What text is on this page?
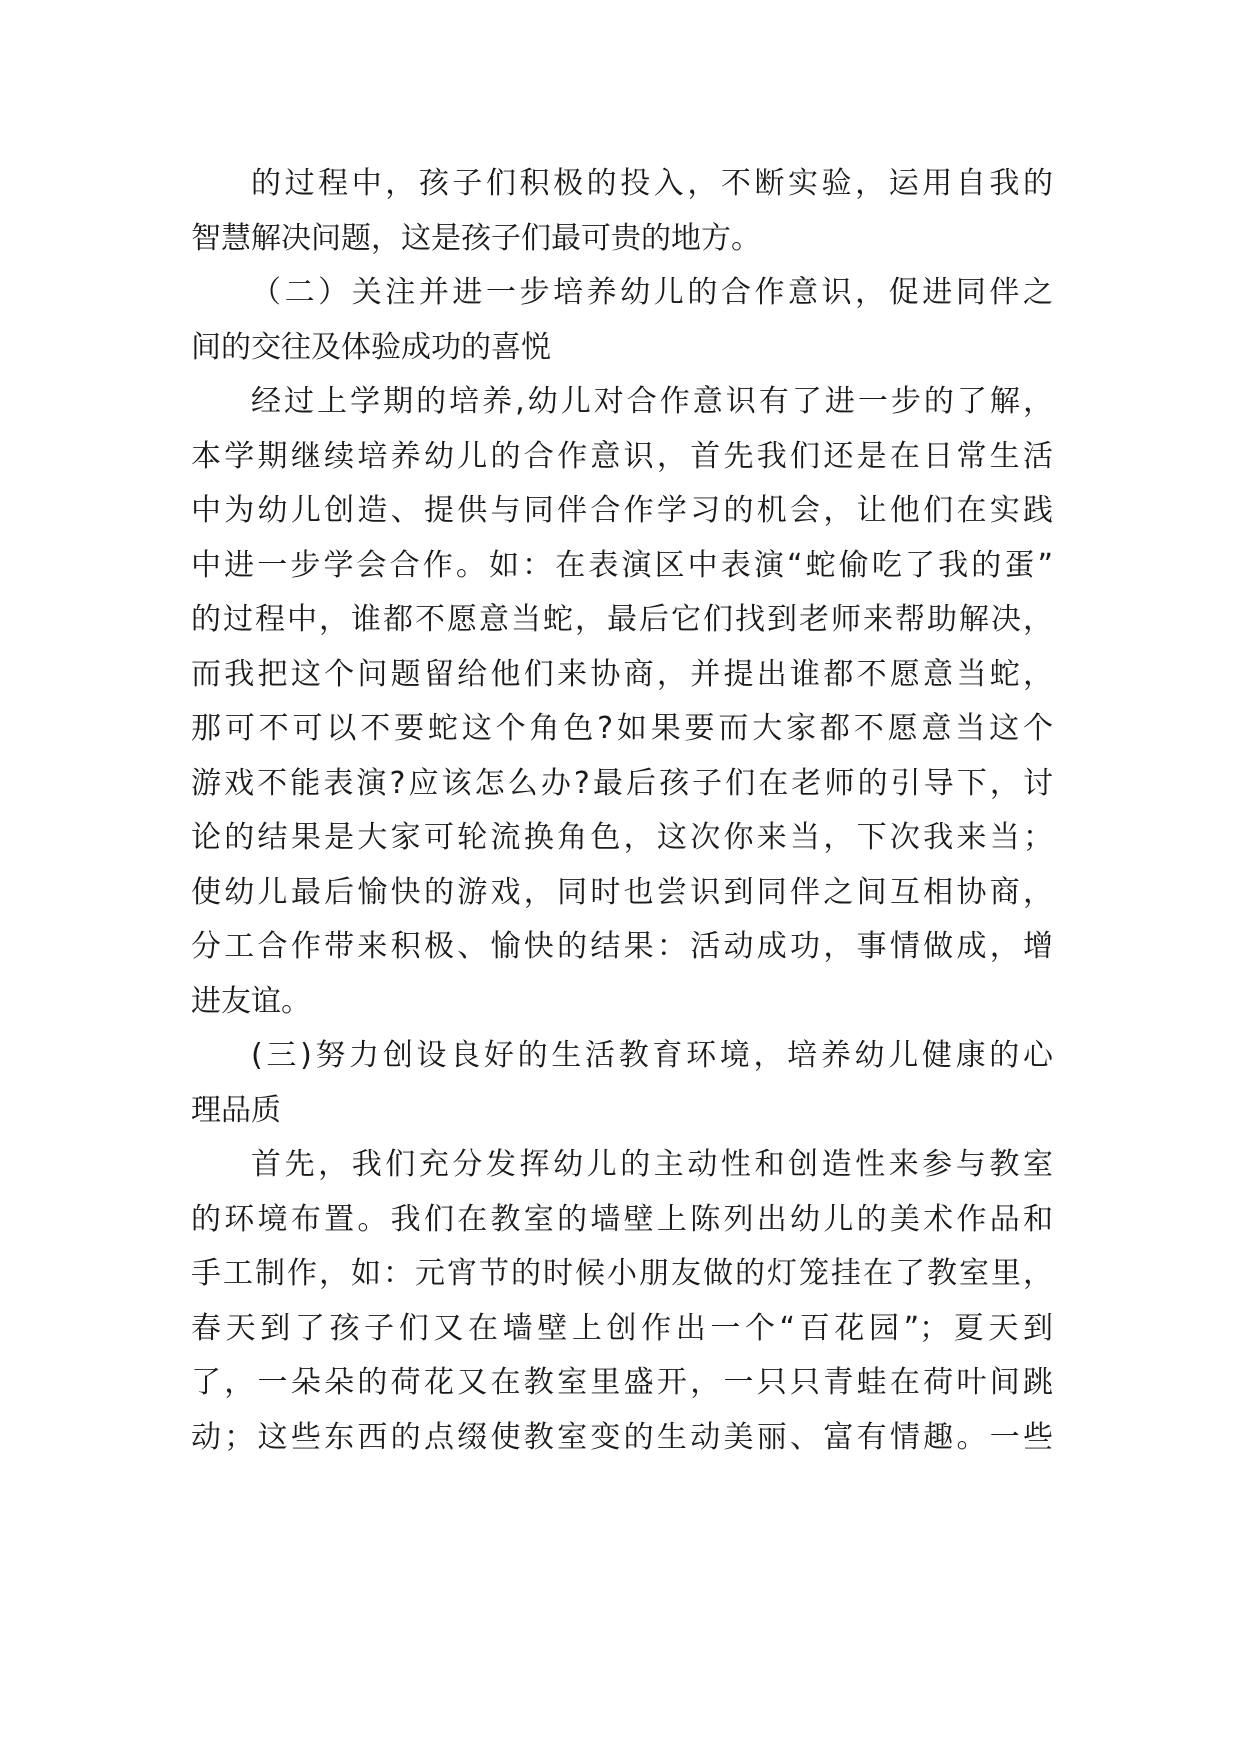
的过程中，孩子们积极的投入，不断实验，运用自我的
智慧解决问题，这是孩子们最可贵的地方。
（二）关注并进一步培养幼儿的合作意识，促进同伴之
间的交往及体验成功的喜悦
经过上学期的培养,幼儿对合作意识有了进一步的了解，
本学期继续培养幼儿的合作意识，首先我们还是在日常生活
中为幼儿创造、提供与同伴合作学习的机会，让他们在实践
中进一步学会合作。如：在表演区中表演“蛇偷吃了我的蛋”
的过程中，谁都不愿意当蛇，最后它们找到老师来帮助解决，
而我把这个问题留给他们来协商，并提出谁都不愿意当蛇，
那可不可以不要蛇这个角色?如果要而大家都不愿意当这个
游戏不能表演?应该怎么办?最后孩子们在老师的引导下，讨
论的结果是大家可轮流换角色，这次你来当，下次我来当；
使幼儿最后愉快的游戏，同时也尝识到同伴之间互相协商，
分工合作带来积极、愉快的结果：活动成功，事情做成，增
进友谊。
(三)努力创设良好的生活教育环境，培养幼儿健康的心
理品质
首先，我们充分发挥幼儿的主动性和创造性来参与教室
的环境布置。我们在教室的墙壁上陈列出幼儿的美术作品和
手工制作，如：元宵节的时候小朋友做的灯笼挂在了教室里，
春天到了孩子们又在墙壁上创作出一个“百花园”；夏天到
了，一朵朵的荷花又在教室里盛开，一只只青蛙在荷叶间跳
动；这些东西的点缀使教室变的生动美丽、富有情趣。一些
